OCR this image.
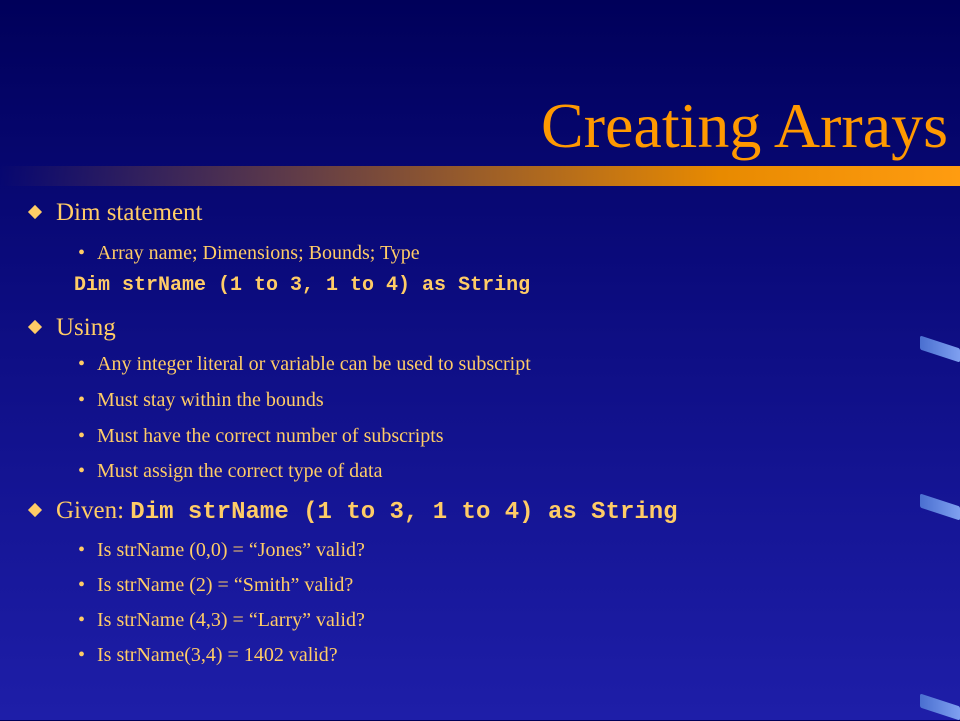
Creating Arrays
Dim statement
• Array name; Dimensions; Bounds; Type
Dim strName (1 to 3, 1 to 4) as String
Using
• Any integer literal or variable can be used to subscript
• Must stay within the bounds
• Must have the correct number of subscripts
• Must assign the correct type of data
Given: Dim strName (1 to 3, 1 to 4) as String
• Is strName (0,0) = “Jones” valid?
• Is strName (2) = “Smith” valid?
• Is strName (4,3) = “Larry” valid?
• Is strName(3,4) = 1402 valid?
